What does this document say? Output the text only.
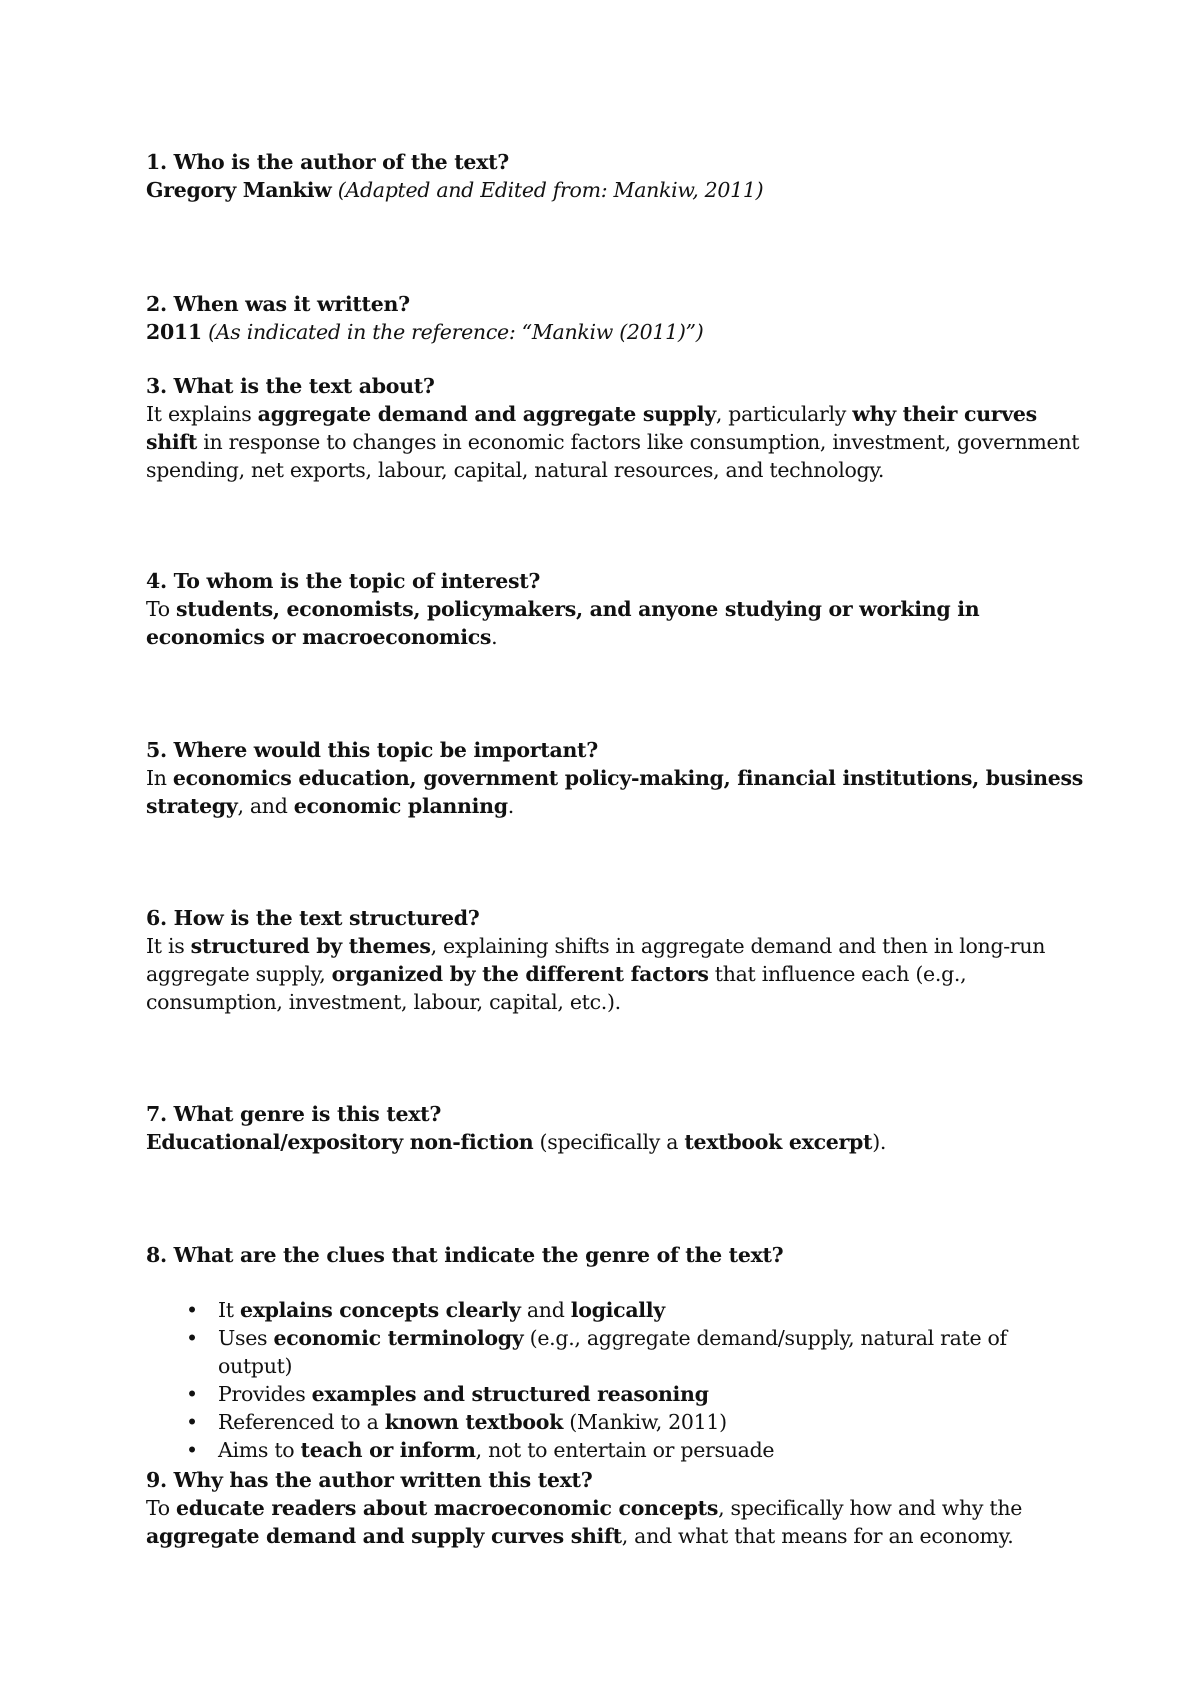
1. Who is the author of the text?

Gregory Mankiw (Adapted and Edited from: Mankiw, 2011)

2. When was it written?

2011 (As indicated in the reference: “Mankiw (2011)”)

3. What is the text about?

It explains aggregate demand and aggregate supply, particularly why their curves shift in response to changes in economic factors like consumption, investment, government spending, net exports, labour, capital, natural resources, and technology.

4. To whom is the topic of interest?

To students, economists, policymakers, and anyone studying or working in economics or macroeconomics.

5. Where would this topic be important?

In economics education, government policy-making, financial institutions, business strategy, and economic planning.

6. How is the text structured?

It is structured by themes, explaining shifts in aggregate demand and then in long-run aggregate supply, organized by the different factors that influence each (e.g., consumption, investment, labour, capital, etc.).

7. What genre is this text?

Educational/expository non-fiction (specifically a textbook excerpt).

8. What are the clues that indicate the genre of the text?

• It explains concepts clearly and logically
• Uses economic terminology (e.g., aggregate demand/supply, natural rate of output)
• Provides examples and structured reasoning
• Referenced to a known textbook (Mankiw, 2011)
• Aims to teach or inform, not to entertain or persuade

9. Why has the author written this text?

To educate readers about macroeconomic concepts, specifically how and why the aggregate demand and supply curves shift, and what that means for an economy.
